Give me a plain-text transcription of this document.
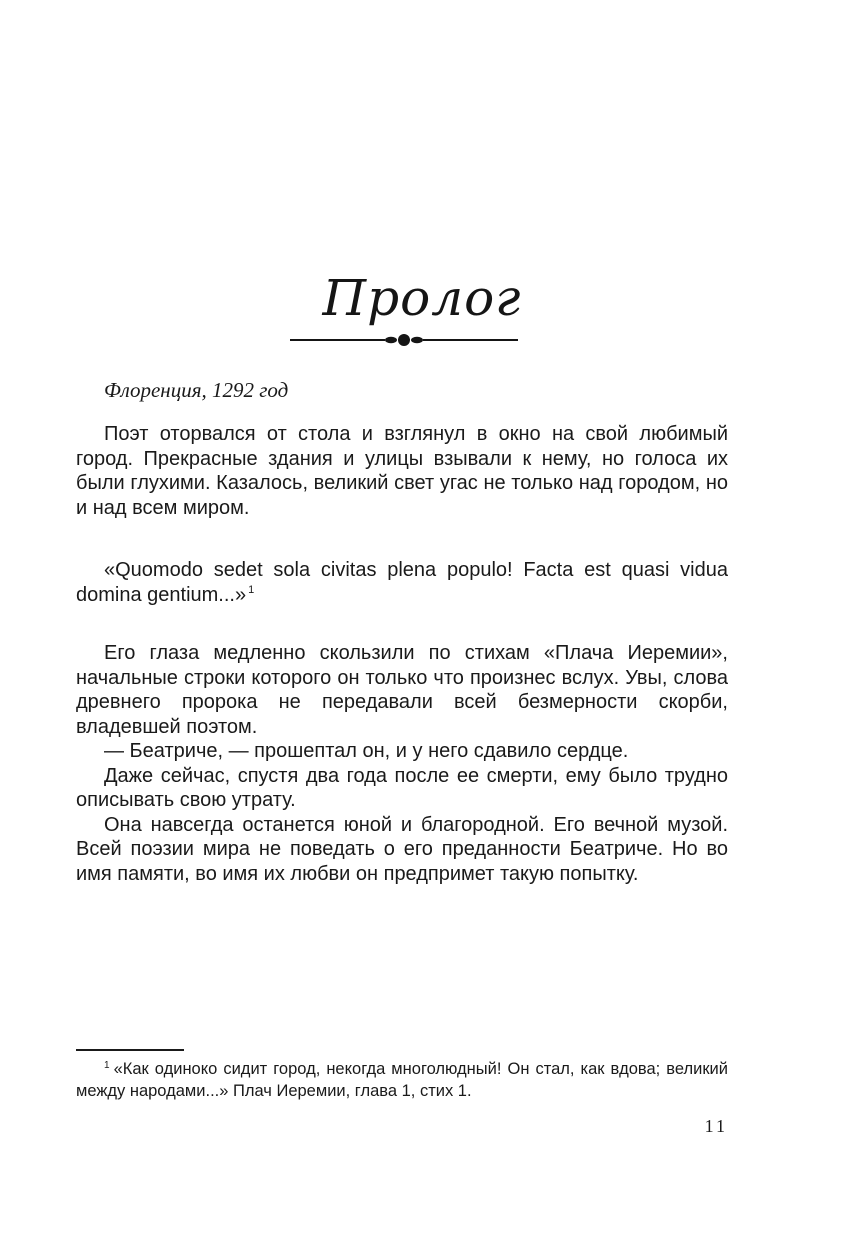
Пролог
Флоренция, 1292 год

Поэт оторвался от стола и взглянул в окно на свой любимый город. Прекрасные здания и улицы взывали к нему, но голоса их были глухими. Казалось, великий свет угас не только над городом, но и над всем миром.

«Quomodo sedet sola civitas plena populo! Facta est quasi vidua domina gentium...» $^1$

Его глаза медленно скользили по стихам «Плача Иеремии», начальные строки которого он только что произнес вслух. Увы, слова древнего пророка не передавали всей безмерности скорби, владевшей поэтом.

— Беатриче, — прошептал он, и у него сдавило сердце.

Даже сейчас, спустя два года после ее смерти, ему было трудно описывать свою утрату.

Она навсегда останется юной и благородной. Его вечной музой. Всей поэзии мира не поведать о его преданности Беатриче. Но во имя памяти, во имя их любви он предпримет такую попытку.

$^1$ «Как одиноко сидит город, некогда многолюдный! Он стал, как вдова; великий между народами...» Плач Иеремии, глава 1, стих 1.

11
